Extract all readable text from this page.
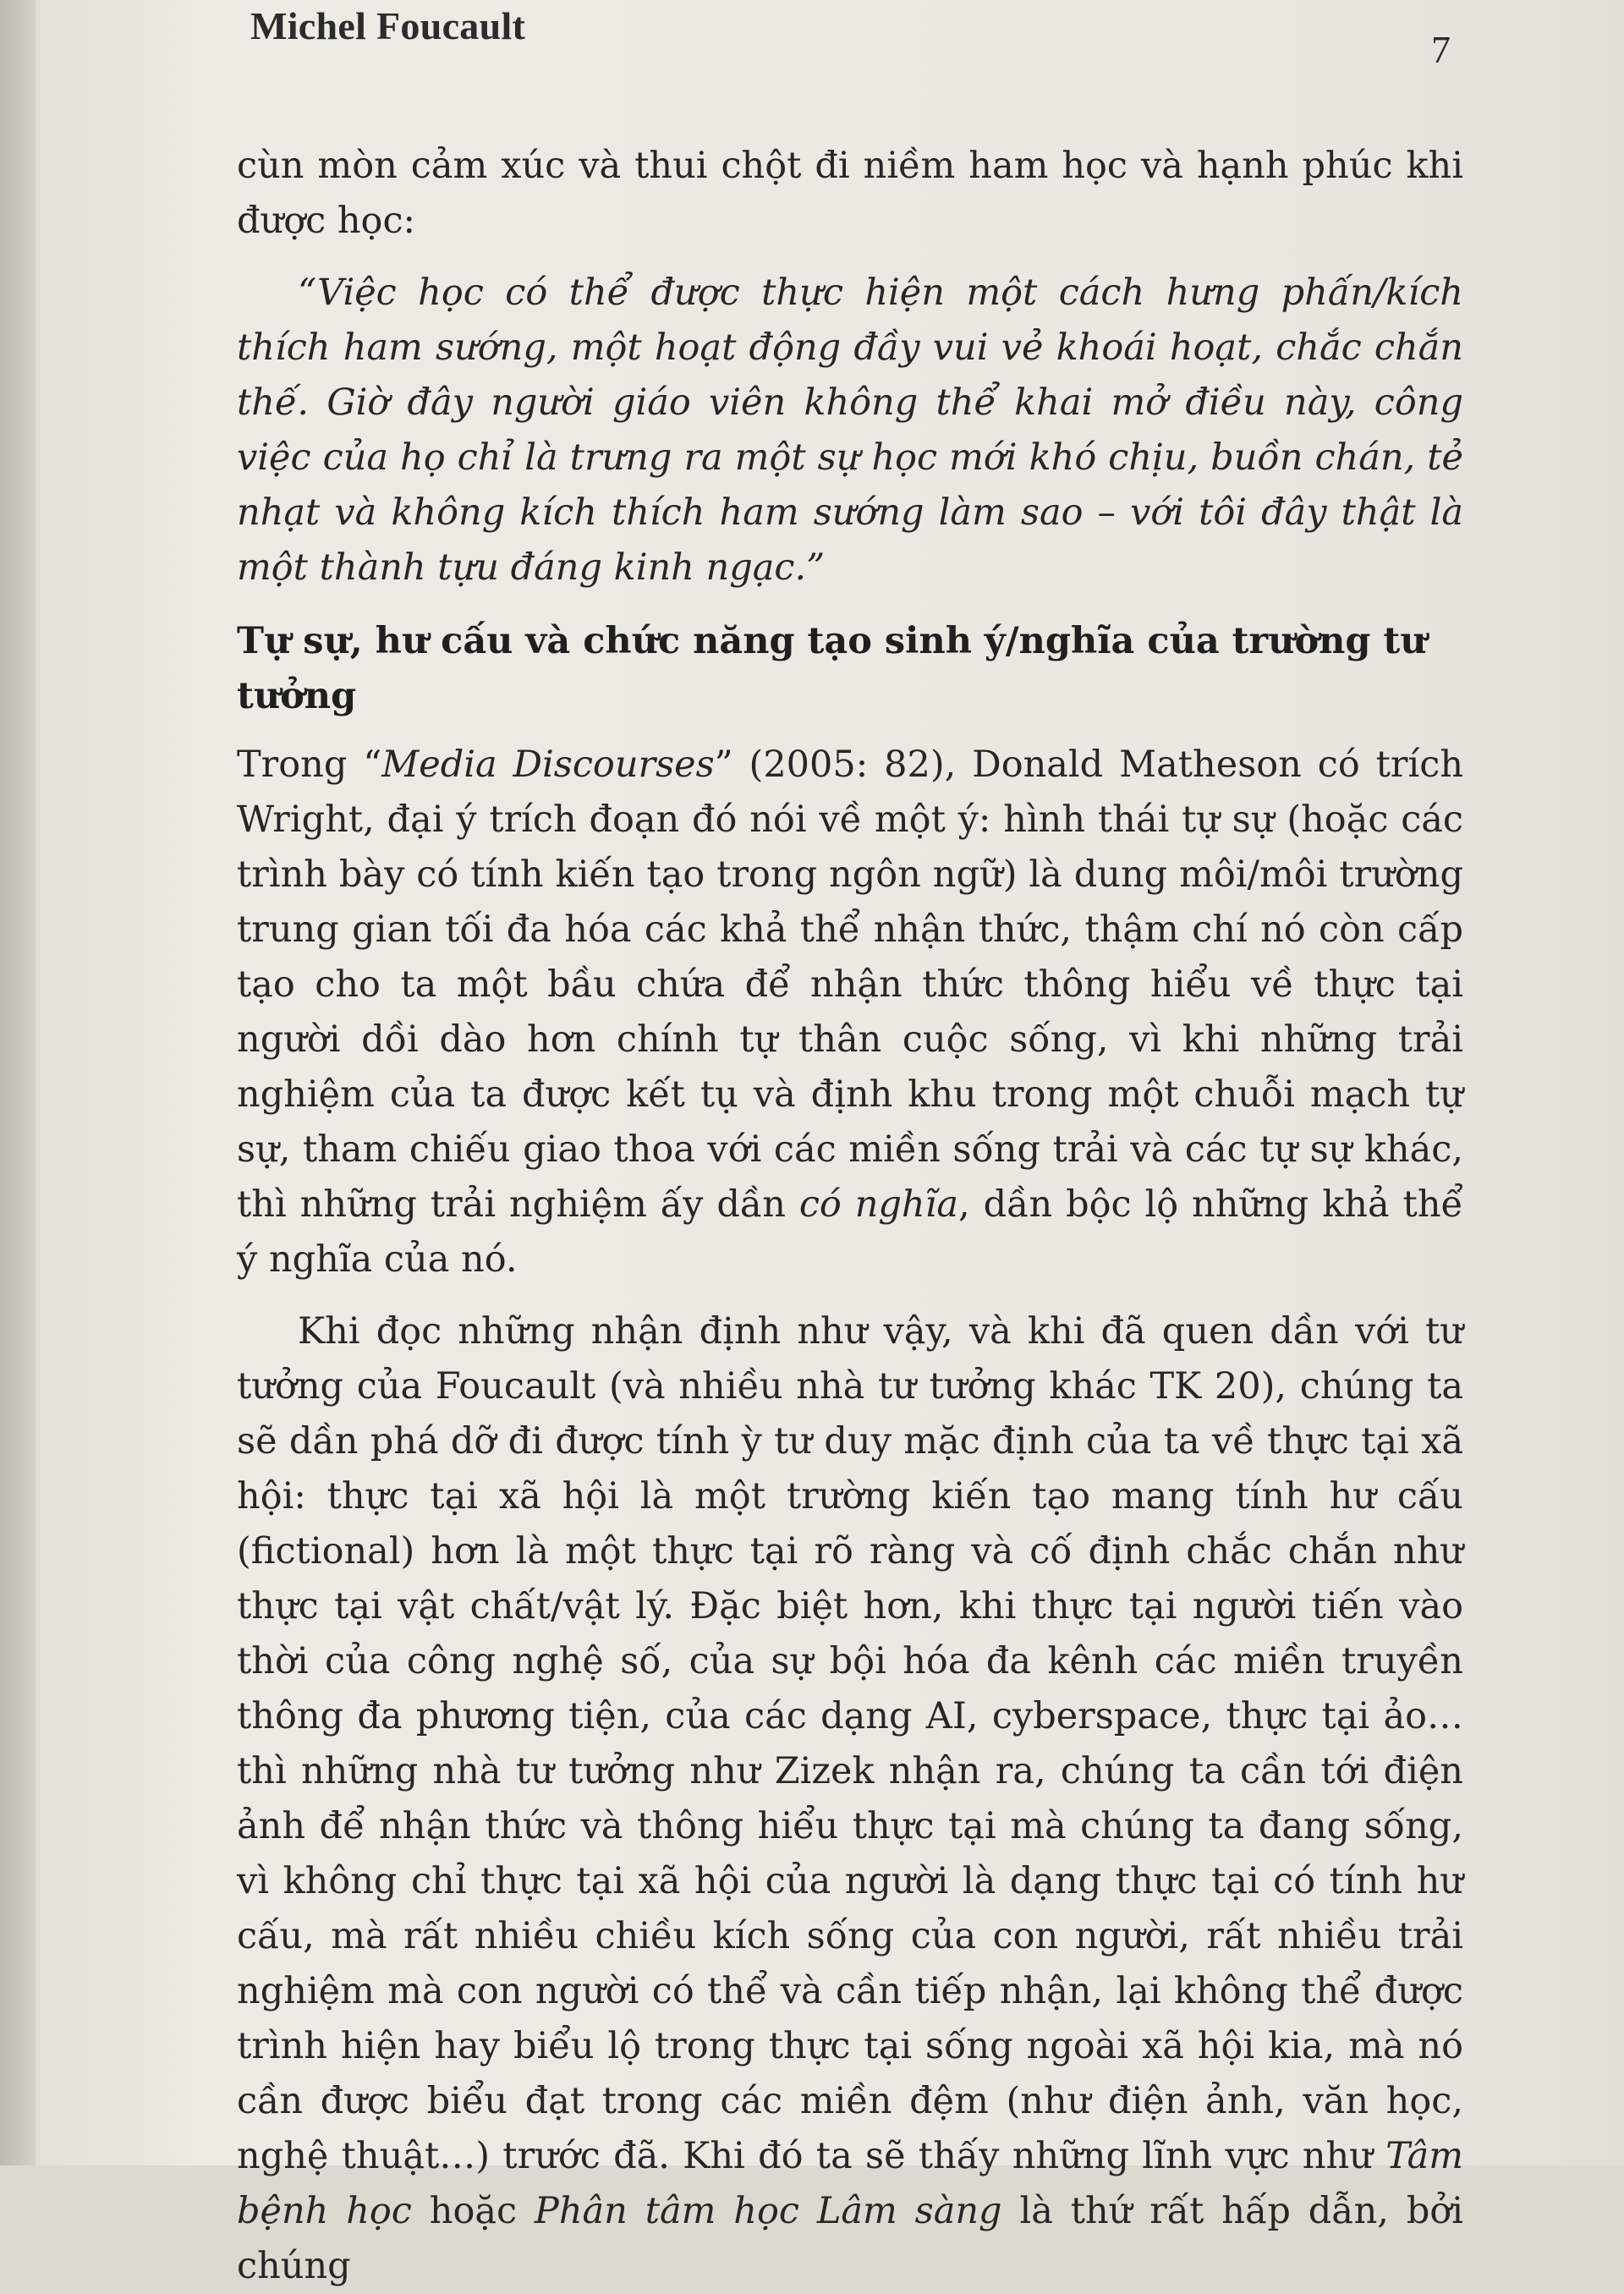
Michel Foucault
7

cùn mòn cảm xúc và thui chột đi niềm ham học và hạnh phúc khi được học:

“Việc học có thể được thực hiện một cách hưng phấn/kích thích ham sướng, một hoạt động đầy vui vẻ khoái hoạt, chắc chắn thế. Giờ đây người giáo viên không thể khai mở điều này, công việc của họ chỉ là trưng ra một sự học mới khó chịu, buồn chán, tẻ nhạt và không kích thích ham sướng làm sao – với tôi đây thật là một thành tựu đáng kinh ngạc.”

Tự sự, hư cấu và chức năng tạo sinh ý/nghĩa của trường tư tưởng

Trong “Media Discourses” (2005: 82), Donald Matheson có trích Wright, đại ý trích đoạn đó nói về một ý: hình thái tự sự (hoặc các trình bày có tính kiến tạo trong ngôn ngữ) là dung môi/môi trường trung gian tối đa hóa các khả thể nhận thức, thậm chí nó còn cấp tạo cho ta một bầu chứa để nhận thức thông hiểu về thực tại người dồi dào hơn chính tự thân cuộc sống, vì khi những trải nghiệm của ta được kết tụ và định khu trong một chuỗi mạch tự sự, tham chiếu giao thoa với các miền sống trải và các tự sự khác, thì những trải nghiệm ấy dần có nghĩa, dần bộc lộ những khả thể ý nghĩa của nó.

Khi đọc những nhận định như vậy, và khi đã quen dần với tư tưởng của Foucault (và nhiều nhà tư tưởng khác TK 20), chúng ta sẽ dần phá dỡ đi được tính ỳ tư duy mặc định của ta về thực tại xã hội: thực tại xã hội là một trường kiến tạo mang tính hư cấu (fictional) hơn là một thực tại rõ ràng và cố định chắc chắn như thực tại vật chất/vật lý. Đặc biệt hơn, khi thực tại người tiến vào thời của công nghệ số, của sự bội hóa đa kênh các miền truyền thông đa phương tiện, của các dạng AI, cyberspace, thực tại ảo… thì những nhà tư tưởng như Zizek nhận ra, chúng ta cần tới điện ảnh để nhận thức và thông hiểu thực tại mà chúng ta đang sống, vì không chỉ thực tại xã hội của người là dạng thực tại có tính hư cấu, mà rất nhiều chiều kích sống của con người, rất nhiều trải nghiệm mà con người có thể và cần tiếp nhận, lại không thể được trình hiện hay biểu lộ trong thực tại sống ngoài xã hội kia, mà nó cần được biểu đạt trong các miền đệm (như điện ảnh, văn học, nghệ thuật…) trước đã. Khi đó ta sẽ thấy những lĩnh vực như Tâm bệnh học hoặc Phân tâm học Lâm sàng là thứ rất hấp dẫn, bởi chúng
